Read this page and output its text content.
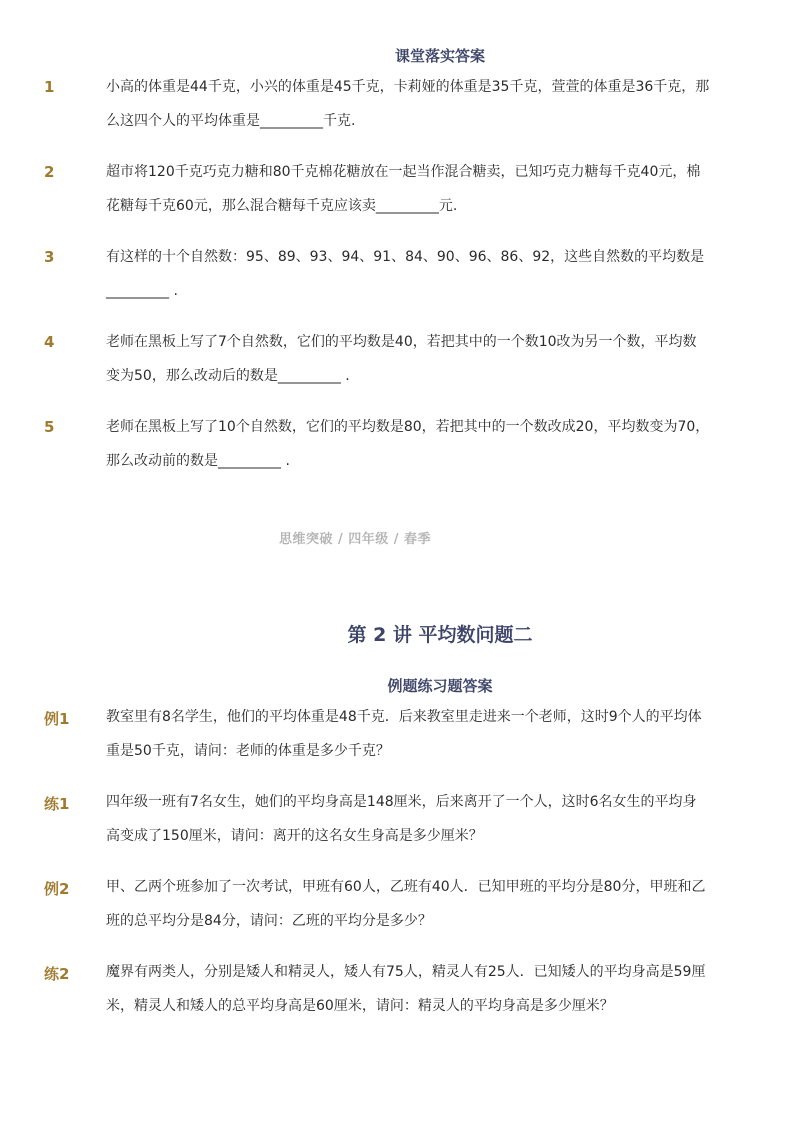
课堂落实答案
1	小高的体重是44千克，小兴的体重是45千克，卡莉娅的体重是35千克，萱萱的体重是36千克，那
么这四个人的平均体重是_________千克.
2	超市将120千克巧克力糖和80千克棉花糖放在一起当作混合糖卖，已知巧克力糖每千克40元，棉
花糖每千克60元，那么混合糖每千克应该卖_________元.
3	有这样的十个自然数：95、89、93、94、91、84、90、96、86、92，这些自然数的平均数是
_________ .
4	老师在黑板上写了7个自然数，它们的平均数是40，若把其中的一个数10改为另一个数，平均数
变为50，那么改动后的数是_________ .
5	老师在黑板上写了10个自然数，它们的平均数是80，若把其中的一个数改成20，平均数变为70，
那么改动前的数是_________ .
思维突破 / 四年级 / 春季
第 2 讲 平均数问题二
例题练习题答案
例1	教室里有8名学生，他们的平均体重是48千克．后来教室里走进来一个老师，这时9个人的平均体
重是50千克，请问：老师的体重是多少千克？
练1	四年级一班有7名女生，她们的平均身高是148厘米，后来离开了一个人，这时6名女生的平均身
高变成了150厘米，请问：离开的这名女生身高是多少厘米？
例2	甲、乙两个班参加了一次考试，甲班有60人，乙班有40人．已知甲班的平均分是80分，甲班和乙
班的总平均分是84分，请问：乙班的平均分是多少？
练2	魔界有两类人，分别是矮人和精灵人，矮人有75人，精灵人有25人．已知矮人的平均身高是59厘
米，精灵人和矮人的总平均身高是60厘米，请问：精灵人的平均身高是多少厘米？
